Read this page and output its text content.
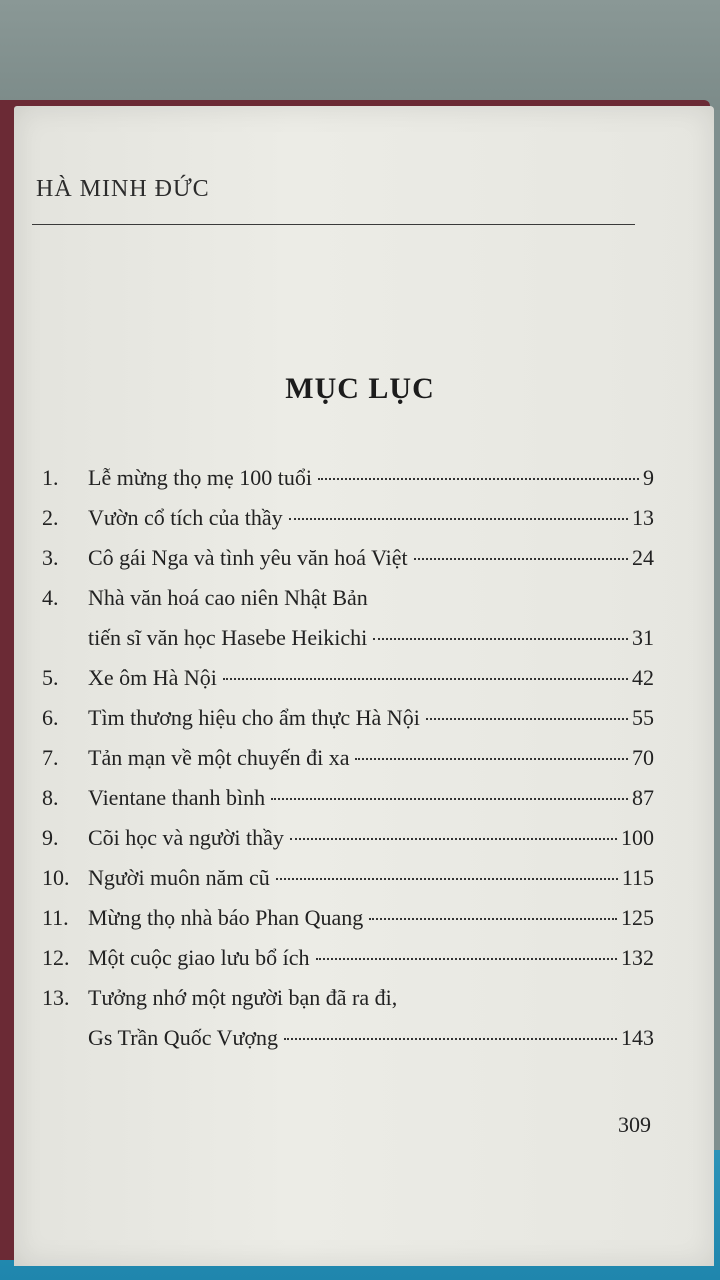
HÀ MINH ĐỨC
MỤC LỤC
1. Lễ mừng thọ mẹ 100 tuổi	9
2. Vườn cổ tích của thầy	13
3. Cô gái Nga và tình yêu văn hoá Việt	24
4. Nhà văn hoá cao niên Nhật Bản
tiến sĩ văn học Hasebe Heikichi	31
5. Xe ôm Hà Nội	42
6. Tìm thương hiệu cho ẩm thực Hà Nội	55
7. Tản mạn về một chuyến đi xa	70
8. Vientane thanh bình	87
9. Cõi học và người thầy	100
10. Người muôn năm cũ	115
11. Mừng thọ nhà báo Phan Quang	125
12. Một cuộc giao lưu bổ ích	132
13. Tưởng nhớ một người bạn đã ra đi,
Gs Trần Quốc Vượng	143
309
